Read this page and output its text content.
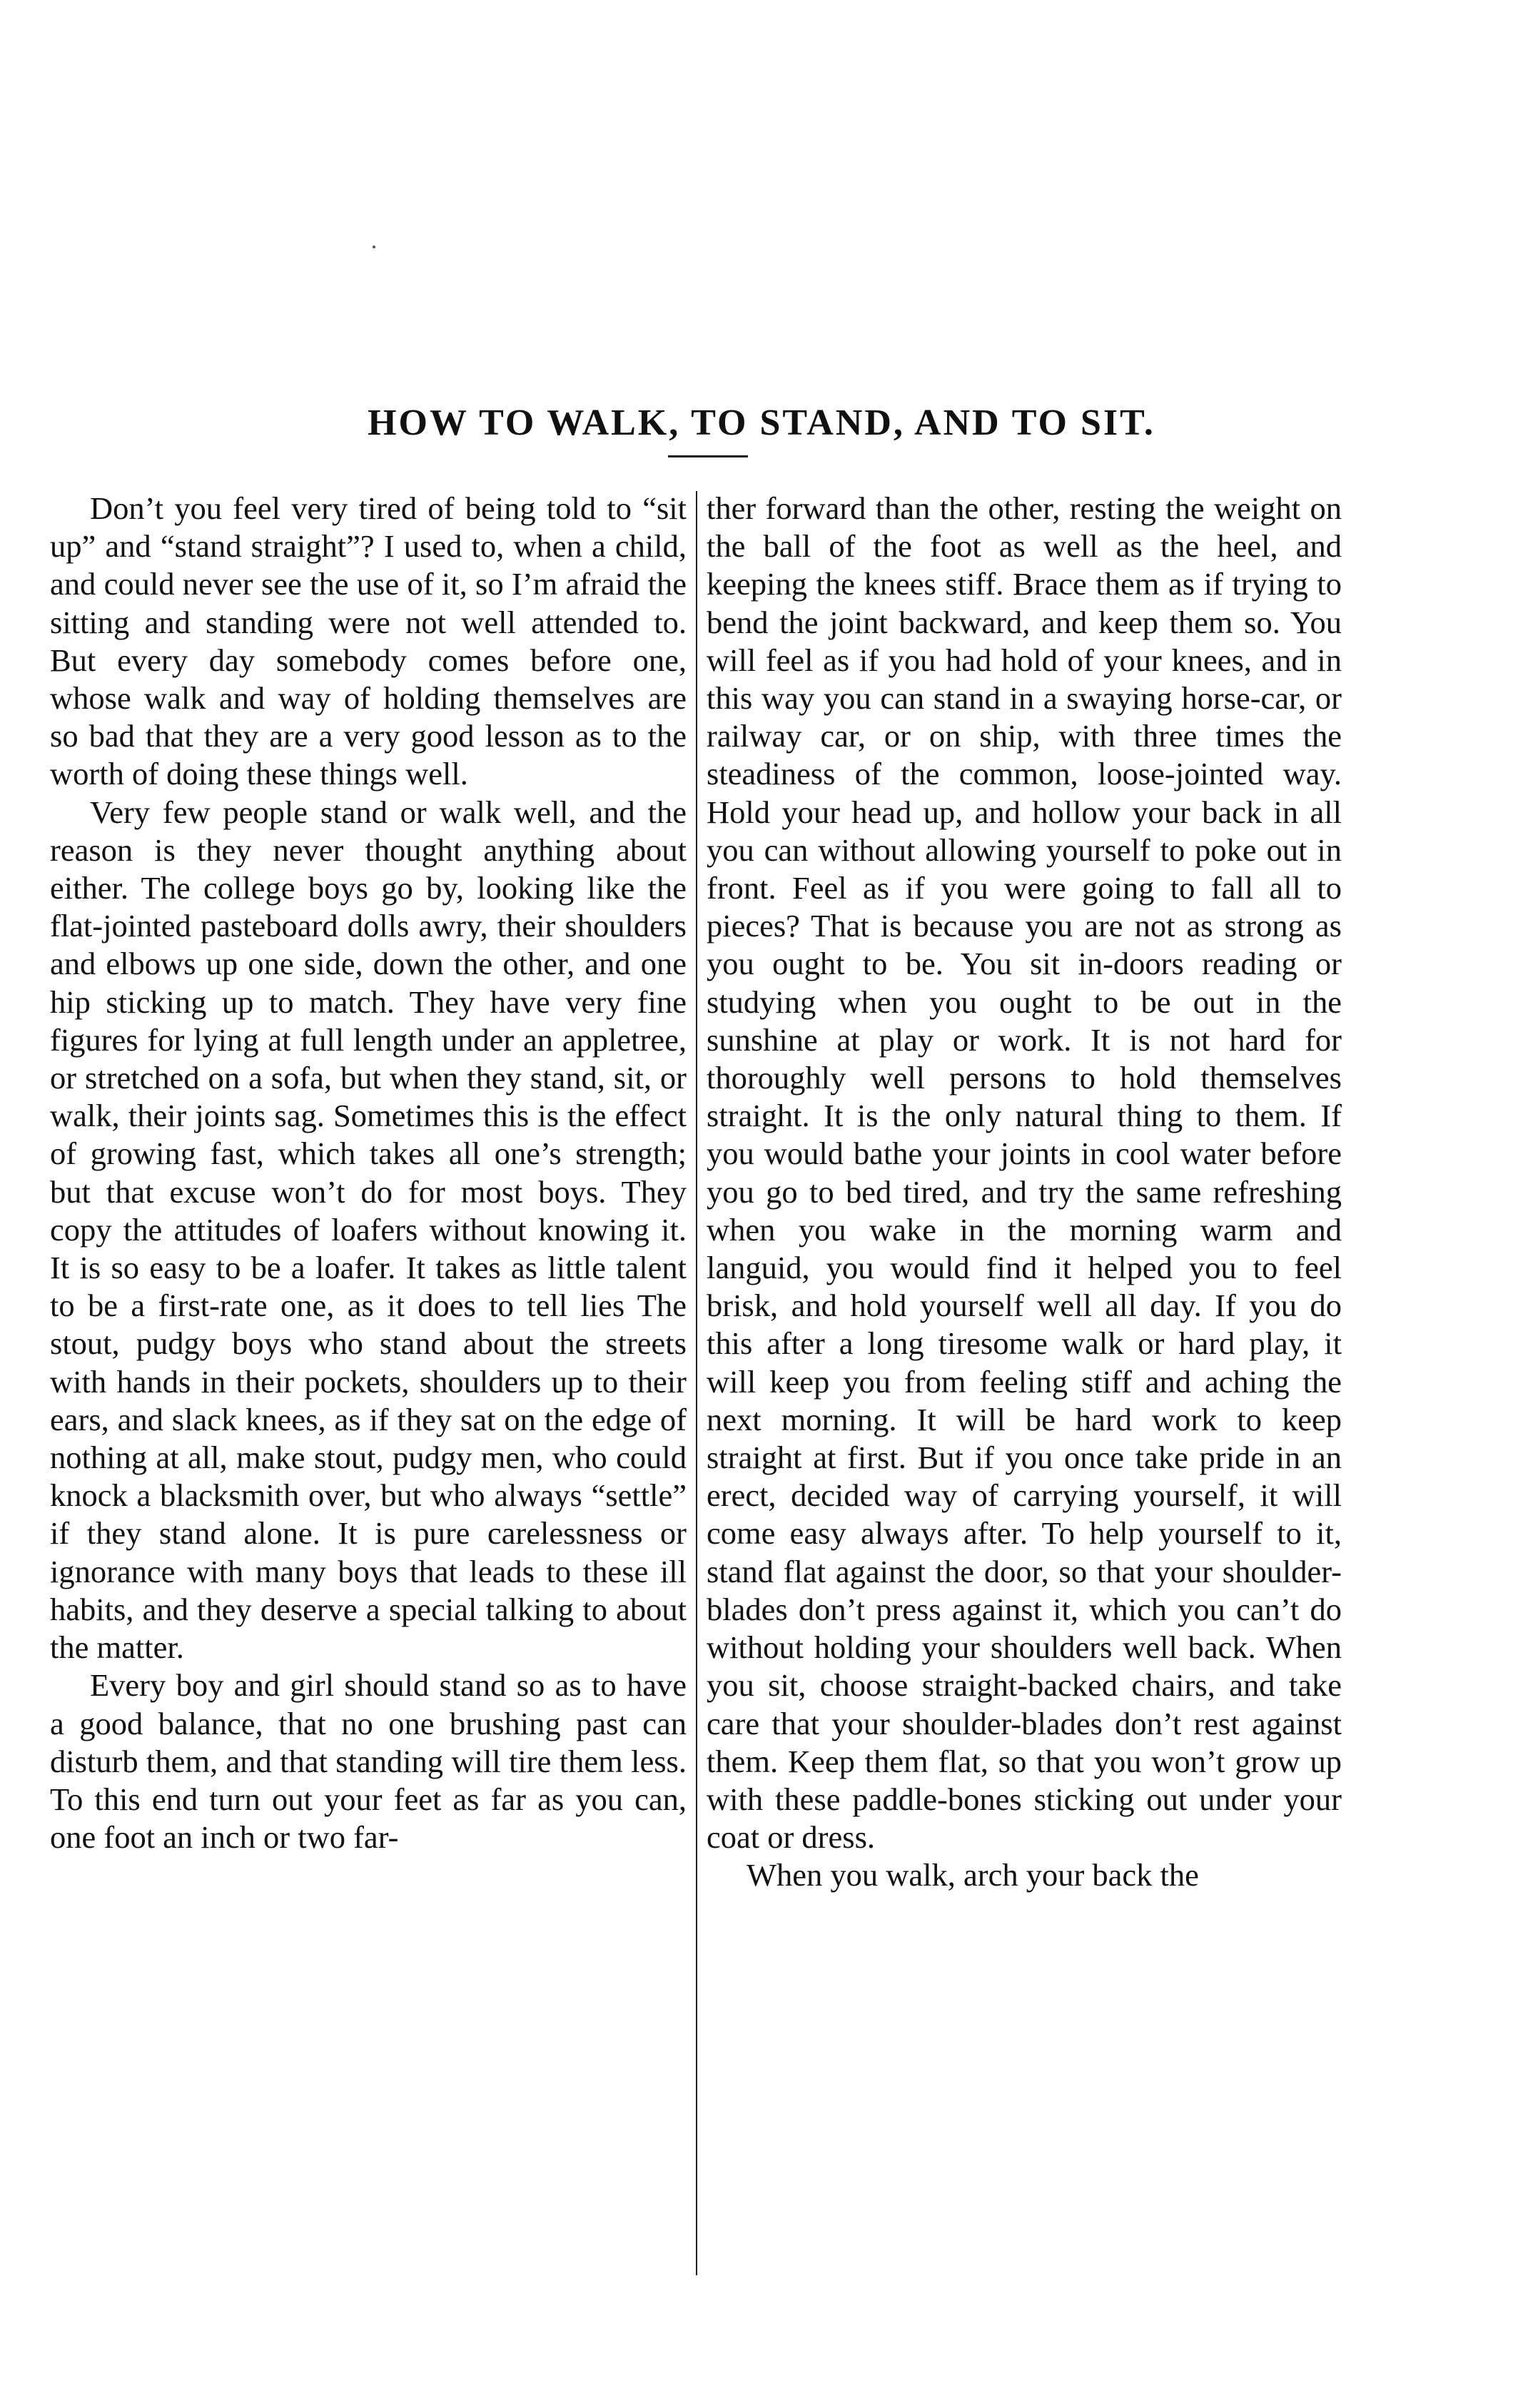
HOW TO WALK, TO STAND, AND TO SIT.

Don’t you feel very tired of being told to “sit up” and “stand straight”? I used to, when a child, and could never see the use of it, so I’m afraid the sitting and standing were not well attended to. But every day somebody comes before one, whose walk and way of holding themselves are so bad that they are a very good lesson as to the worth of doing these things well.

Very few people stand or walk well, and the reason is they never thought anything about either. The college boys go by, looking like the flat-jointed pasteboard dolls awry, their shoulders and elbows up one side, down the other, and one hip sticking up to match. They have very fine figures for lying at full length under an appletree, or stretched on a sofa, but when they stand, sit, or walk, their joints sag. Sometimes this is the effect of growing fast, which takes all one’s strength; but that excuse won’t do for most boys. They copy the attitudes of loafers without knowing it. It is so easy to be a loafer. It takes as little talent to be a first-rate one, as it does to tell lies The stout, pudgy boys who stand about the streets with hands in their pockets, shoulders up to their ears, and slack knees, as if they sat on the edge of nothing at all, make stout, pudgy men, who could knock a blacksmith over, but who always “settle” if they stand alone. It is pure carelessness or ignorance with many boys that leads to these ill habits, and they deserve a special talking to about the matter.

Every boy and girl should stand so as to have a good balance, that no one brushing past can disturb them, and that standing will tire them less. To this end turn out your feet as far as you can, one foot an inch or two far-

ther forward than the other, resting the weight on the ball of the foot as well as the heel, and keeping the knees stiff. Brace them as if trying to bend the joint backward, and keep them so. You will feel as if you had hold of your knees, and in this way you can stand in a swaying horse-car, or railway car, or on ship, with three times the steadiness of the common, loose-jointed way. Hold your head up, and hollow your back in all you can without allowing yourself to poke out in front. Feel as if you were going to fall all to pieces? That is because you are not as strong as you ought to be. You sit in-doors reading or studying when you ought to be out in the sunshine at play or work. It is not hard for thoroughly well persons to hold themselves straight. It is the only natural thing to them. If you would bathe your joints in cool water before you go to bed tired, and try the same refreshing when you wake in the morning warm and languid, you would find it helped you to feel brisk, and hold yourself well all day. If you do this after a long tiresome walk or hard play, it will keep you from feeling stiff and aching the next morning. It will be hard work to keep straight at first. But if you once take pride in an erect, decided way of carrying yourself, it will come easy always after. To help yourself to it, stand flat against the door, so that your shoulder-blades don’t press against it, which you can’t do without holding your shoulders well back. When you sit, choose straight-backed chairs, and take care that your shoulder-blades don’t rest against them. Keep them flat, so that you won’t grow up with these paddle-bones sticking out under your coat or dress.

When you walk, arch your back the
